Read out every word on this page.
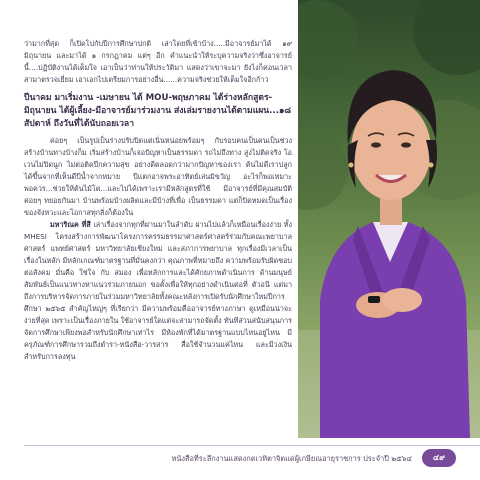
ว่ามากที่สุด ก็เปิดโปกับปีการศึกษาปกติ เล่าโดยที่เข้าบ้าง.....มีอาจารย์มาได้ ๑๙ มิถุนายน และมาได้ ๑ กรกฎาคม แต่ๆ อีก คำแนะนำให้ระบุความจริงว่าซึ่งอาจารย์นี้....ปฏิบัติงานได้เต็มใจ เอาเป็นว่าท่านให้ประวัติมา แสดงว่าเขาจะมา ยังไงก็ค่อนเวลาสามาตรวจเยี่ยม เอาเอกไปเตรียมการอย่างอื่น......ความจริงช่วยให้เต็มใจอีกก้าว

ปีนาคม มาเริ่มงาน -เมษายน ได้ MOU-พฤษภาคม ได้ร่างหลักสูตร-มิถุนายน ได้ผู้เลี้ยง-มีอาจารย์มาร่วมงาน ส่งเล่มรายงานได้ตามแผน...๑๘ สัปดาห์ ถึงวันที่ได้นับถอยเวลา

ค่อยๆ เป็นรูปเป็นร่างปรับปิดแต่เนิ่นหน่อยพร้อมๆ กับรอบคนเป็นคนเป็นช่วงสร้างบ้านทางบ้างก็ม เริ่มสร้างบ้านก็เจอปัญหาเป็นธรรมดา รถไม่ถึงทาง สูงไม่ติดจริง โอเวนไม่ปิดนูก ไม่ต่อติดปีกความสุข อย่างดีตลอดกว่ามากปัญหาของเรา ต้นไม่ดีเราปลูกได้ขึ้นจากที่เห็นดีปีน้ำจากหมาย ปีแตกอาจพระอาทิตย์เล่นมิขวัญ อะไรก็พอเหมาะพอควร...ช่วยให้ต้นไม้โต...และไปได้เพราะเรามีหลักสูตรที่ใช้ มีอาจารย์ที่มีคุณสมบัติค่อยๆ ทยอยกันมา บ้านพร้อมบ้างผลิตและมีบ้างที่เพื่อ เป็นธรรมดา แต่ก็ปิดหมดเป็นเรื่องของจังหวะและโอกาสทุกสิ่งก็ต้องใน

มหาริณค ที่สี เล่าเรื่องจากทุกที่ผ่านมาในลำดับ ผ่านไปแล้วก็เหมือนเรื่องง่าย ทั้ง MHESI โครงสร้างการพัฒนาโครงการครรมธรรมาศาสตร์ศาสตร์ร่วมกับคณะพยาบาลศาสตร์ แพทย์ศาสตร์ มหาวิทยาลัยเชียงใหม่ และสภาการพยาบาล ทุกเรื่องมีเวลาเป็นเรื่องในหลัก มีหลักเกณฑ์มาตรฐานที่มั่นคงกว่า คุณภาพที่หมายถึง ความพร้อมรับผิดชอบต่อสังคม มั่นคือ ใช่ใจ กับ สมอง เพื่อหลักการและได้ศักยภาพดำเนินการ ด้านมนุษย์สัมพันธ์เป็นแนวทางหาแนวร่วมภายนอก ขอตั้งเพื่อให้ทุกอย่างดำเนินต่อที่ ตัวอนี แต่มาถึงการบริหารจัดการภายในร่วมมหาวิทยาลัยทั้งคณะหลังการเปิดรับนักศึกษาใหม่ปีการศึกษา ๒๕๖๕ สำคัญไหญ่ๆ ที่เรียกว่า มีความพร้อมคืออาจารย์ทางภาษา ดูเหมือนน่าจะง่ายที่สุด เพราะเป็นเรื่องภายใน ใช้อาจารย์ใดแต่จะสามารถจัดตั้ง ทันทีส่วนสนับสนุนการจัดการศึกษาเพียงพอสำหรับนักศึกษาเท่าไร มีห้องพักที่ได้มาตรฐานแบบไหนอยู่ไหน มีครุภัณฑ์การศึกษารวมถึงตำรา-หนังสือ-วารสาร สื่อใช้จำนวนแค่ไหน และมีวงเงินสำหรับการลงทุน

หนังสือที่ระลึกงานแสดงกตเวทิตาจิตแด่ผู้เกษียณอายุราชการ ประจำปี ๒๕๖๔	๔๙
